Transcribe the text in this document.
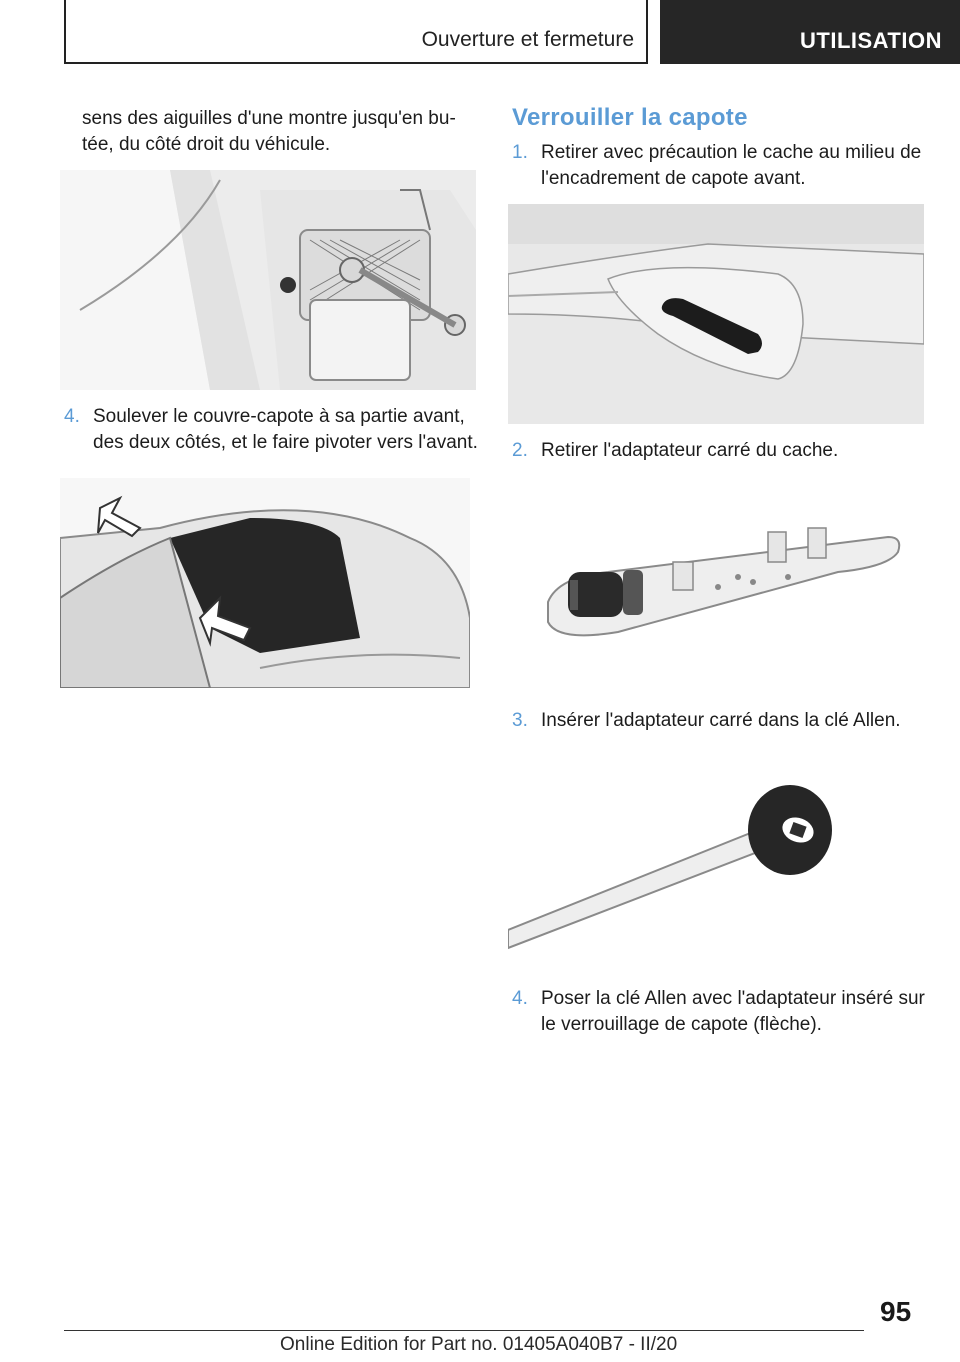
Ouverture et fermeture	UTILISATION
sens des aiguilles d'une montre jusqu'en bu-
tée, du côté droit du véhicule.
4. Soulever le couvre-capote à sa partie avant,
des deux côtés, et le faire pivoter vers l'avant.
Verrouiller la capote
1. Retirer avec précaution le cache au milieu de
l'encadrement de capote avant.
2. Retirer l'adaptateur carré du cache.
3. Insérer l'adaptateur carré dans la clé Allen.
4. Poser la clé Allen avec l'adaptateur inséré sur
le verrouillage de capote (flèche).
95
Online Edition for Part no. 01405A040B7 - II/20
